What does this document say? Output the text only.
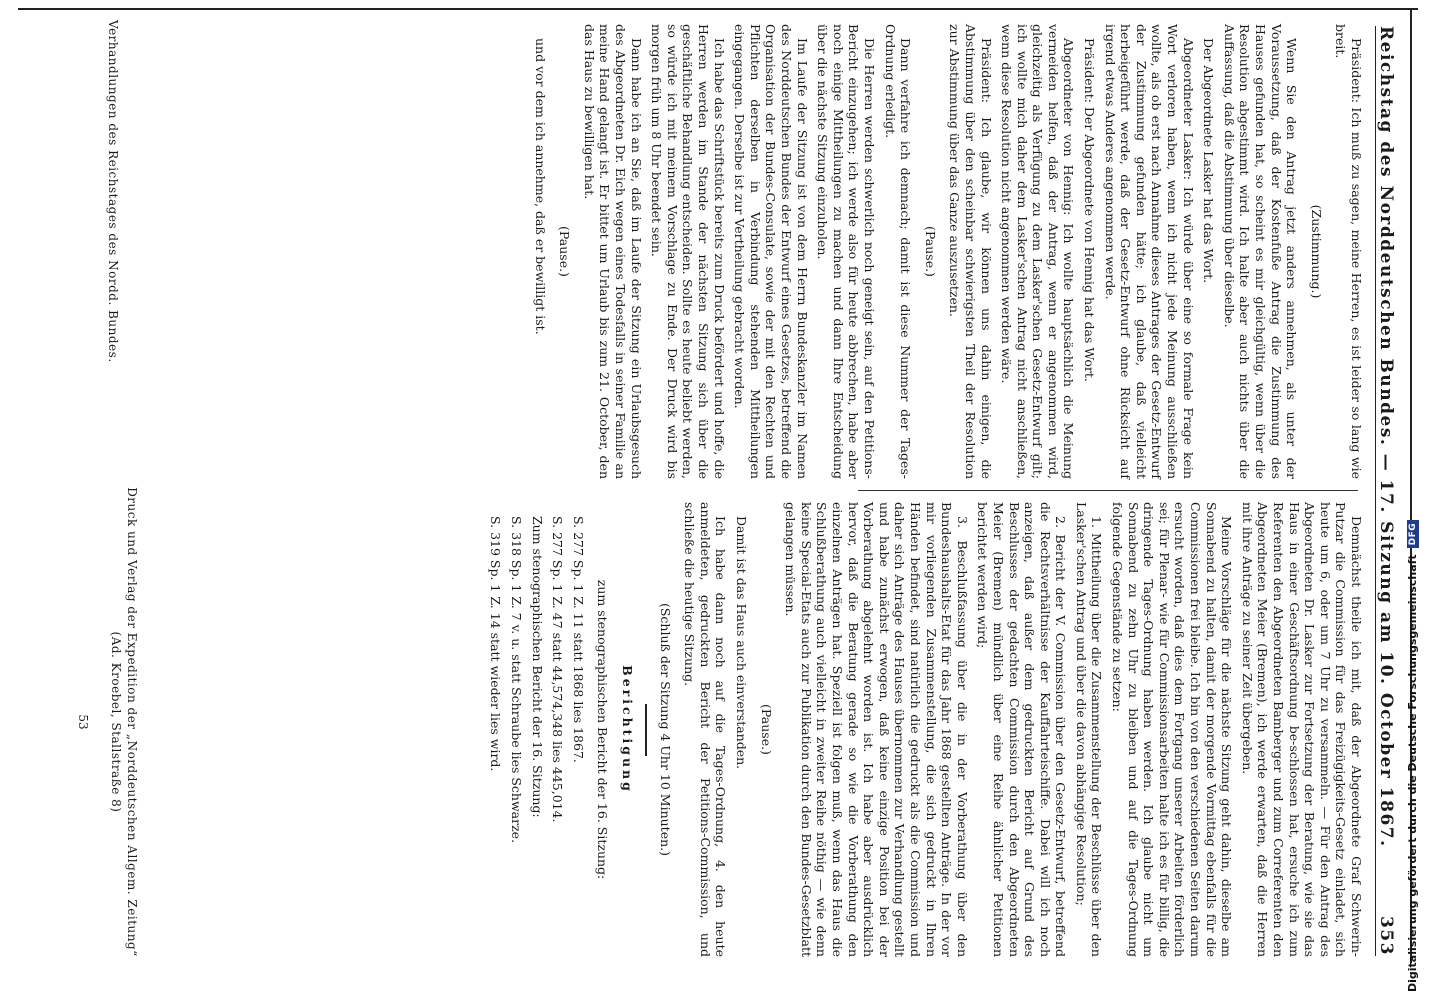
Reichstag des Norddeutschen Bundes. — 17. Sitzung am 10. October 1867.
353

Präsident: Ich muß zu sagen, meine Herren, es ist leider so lang wie breit.

(Zustimmung.)

Wenn Sie den Antrag jetzt anders annehmen, als unter der Voraussetzung, daß der Kostenfuße Antrag die Zustimmung des Hauses gefunden hat, so scheint es mir gleichgültig, wenn über die Resolution abgestimmt wird. Ich halte aber auch nichts über die Auffassung, daß die Abstimmung über dieselbe.

Der Abgeordnete Lasker hat das Wort.

Abgeordneter Lasker: Ich würde über eine so formale Frage kein Wort verloren haben, wenn ich nicht jede Meinung ausschließen wollte, als ob erst nach Annahme dieses Antrages der Gesetz-Entwurf der Zustimmung gefunden hätte; ich glaube, daß vielleicht herbeigeführt werde, daß der Gesetz-Entwurf ohne Rücksicht auf irgend etwas Anderes angenommen werde.

Präsident: Der Abgeordnete von Hennig hat das Wort.

Abgeordneter von Hennig: Ich wollte hauptsächlich die Meinung vermeiden helfen, daß der Antrag, wenn er angenommen wird, gleichzeitig als Verfügung zu dem Lasker'schen Gesetz-Entwurf gilt; ich wollte mich daher dem Lasker'schen Antrag nicht anschließen, wenn diese Resolution nicht angenommen werden wäre.

Präsident: Ich glaube, wir können uns dahin einigen, die Abstimmung über den scheinbar schwierigsten Theil der Resolution zur Abstimmung über das Ganze auszusetzen.

(Pause.)

Dann verfahre ich demnach; damit ist diese Nummer der Tages-Ordnung erledigt.

Die Herren werden schwerlich noch geneigt sein, auf den Petitions-Bericht einzugehen; ich werde also für heute abbrechen, habe aber noch einige Mittheilungen zu machen und dann Ihre Entscheidung über die nächste Sitzung einzuholen.

Im Laufe der Sitzung ist von dem Herrn Bundeskanzler im Namen des Norddeutschen Bundes der Entwurf eines Gesetzes, betreffend die Organisation der Bundes-Consulate, sowie der mit den Rechten und Pflichten derselben in Verbindung stehenden Mittheilungen eingegangen. Derselbe ist zur Vertheilung gebracht worden.

Ich habe das Schriftstück bereits zum Druck befördert und hoffe, die Herren werden im Stande der nächsten Sitzung sich über die geschäftliche Behandlung entscheiden. Sollte es heute beliebt werden, so würde ich mit meinem Vorschlage zu Ende. Der Druck wird bis morgen früh um 8 Uhr beendet sein.

Dann habe ich an Sie, daß im Laufe der Sitzung ein Urlaubsgesuch des Abgeordneten Dr. Eich wegen eines Todesfalls in seiner Familie an meine Hand gelangt ist. Er bittet um Urlaub bis zum 21. October, den das Haus zu bewilligen hat.

(Pause.)

und vor dem ich annehme, daß er bewilligt ist.

Demnächst theile ich mit, daß der Abgeordnete Graf Schwerin-Putzar die Commission für das Freizügigkeits-Gesetz einladet, sich heute um 6, oder um 7 Uhr zu versammeln. — Für den Antrag des Abgeordneten Dr. Lasker zur Fortsetzung der Beratung, wie sie das Haus in einer Geschäftsordnung be-schlossen hat, ersuche ich zum Referenten den Abgeordneten Bamberger und zum Correferenten den Abgeordneten Meier (Bremen), ich werde erwarten, daß die Herren mit ihre Anträge zu seiner Zeit übergeben.

Meine Vorschläge für die nächste Sitzung geht dahin, dieselbe am Sonnabend zu halten, damit der morgende Vormittag ebenfalls für die Commissionen frei bleibe. Ich bin von den verschiedenen Seiten darum ersucht worden, daß dies dem Fortgang unserer Arbeiten förderlich sei; für Plenar- wie für Commissionsarbeiten halte ich es für billig, die dringende Tages-Ordnung haben werden. Ich glaube nicht um Sonnabend zu zehn Uhr zu bleiben und auf die Tages-Ordnung folgende Gegenstände zu setzen:

1. Mittheilung über die Zusammenstellung der Beschlüsse über den Lasker'schen Antrag und über die davon abhängige Resolution;

2. Bericht der V. Commission über den Gesetz-Entwurf, betreffend die Rechtsverhältnisse der Kauffahrteischiffe. Dabei will ich noch anzeigen, daß außer dem gedruckten Bericht auf Grund des Beschlusses der gedachten Commission durch den Abgeordneten Meier (Bremen) mündlich über eine Reihe ähnlicher Petitionen berichtet werden wird;

3. Beschlußfassung über die in der Vorberathung über den Bundeshaushalts-Etat für das Jahr 1868 gestellten Anträge. In der vor mir vorliegenden Zusammenstellung, die sich gedruckt in Ihren Händen befindet, sind natürlich die gedruckt als die Commission und daher sich Anträge des Hauses übernommen zur Verhandlung gestellt und habe zunächst erwogen, daß keine einzige Position bei der Vorberathung abgelehnt worden ist. Ich habe aber ausdrücklich hervor, daß die Beratung gerade so wie die Vorberathung den einzelnen Anträgen hat. Speziell ist folgen muß, wenn das Haus die Schlußberathung auch vielleicht in zweiter Reihe nöthig — wie denn keine Special-Etats auch zur Publikation durch den Bundes-Gesetzblatt gelangen müssen.

(Pause.)

Damit ist das Haus auch einverstanden.

Ich habe dann noch auf die Tages-Ordnung, 4. den heute anmeldeten, gedruckten Bericht der Petitions-Commission, und schließe die heutige Sitzung.

(Schluß der Sitzung 4 Uhr 10 Minuten.)

Berichtigung

zum stenographischen Bericht der 16. Sitzung:

S. 277 Sp. 1 Z. 11 statt 1868 lies 1867.

S. 277 Sp. 1 Z. 47 statt 44,574,348 lies 445,014.

Zum stenographischen Bericht der 16. Sitzung:

S. 318 Sp. 1 Z. 7 v. u. statt Schraube lies Schwarze.

S. 319 Sp. 1 Z. 14 statt wieder lies wird.

Verhandlungen des Reichstages des Nordd. Bundes.
Druck und Verlag der Expedition der „Norddeutschen Allgem. Zeitung“
(Ad. Kroebel, Stallstraße 8)
53	Digitalisierung gefördert durch die Deutsche Forschungsgemeinschaft
DFG
